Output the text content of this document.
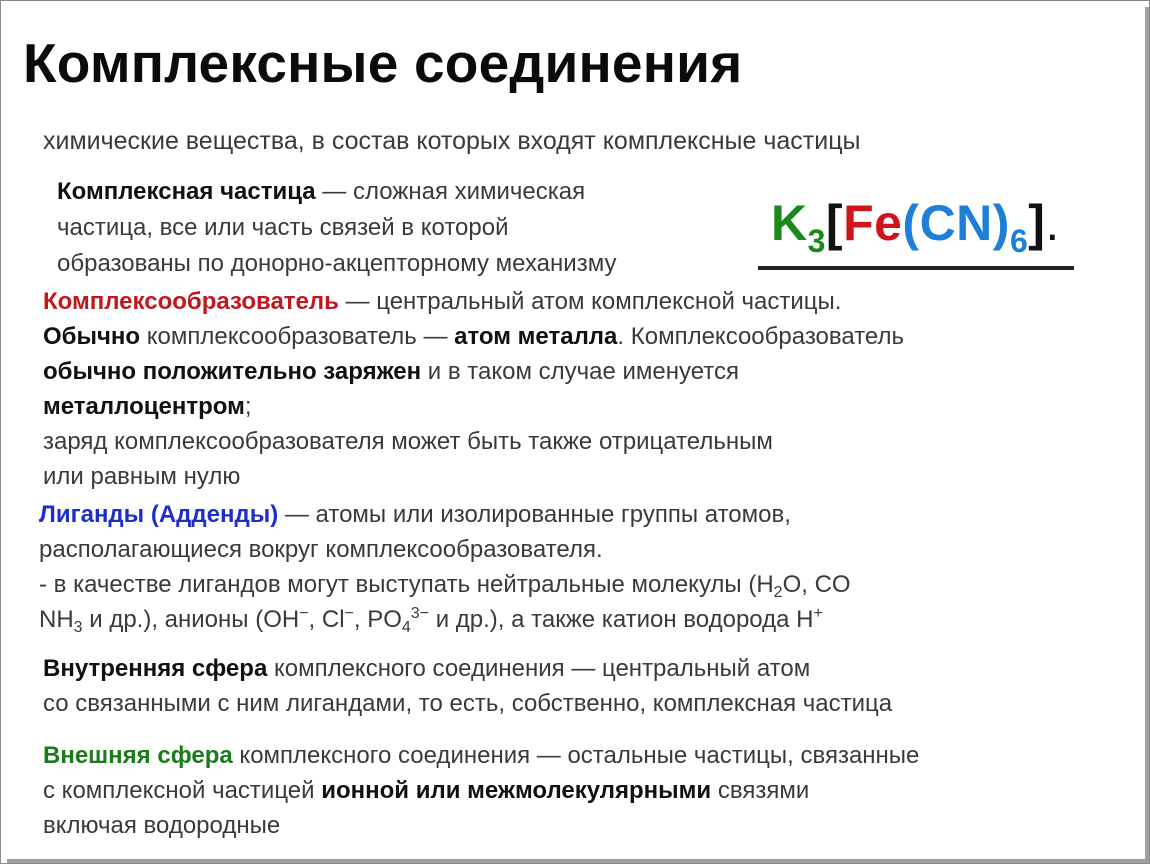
Комплексные соединения
химические вещества, в состав которых входят комплексные частицы
Комплексная частица — сложная химическая
частица, все или часть связей в которой
образованы по донорно-акцепторному механизму
$K_3[Fe(CN)_6]$.
Комплексообразователь — центральный атом комплексной частицы.
Обычно комплексообразователь — атом металла. Комплексообразователь
обычно положительно заряжен и в таком случае именуется
металлоцентром;
заряд комплексообразователя может быть также отрицательным
или равным нулю
Лиганды (Адденды) — атомы или изолированные группы атомов,
располагающиеся вокруг комплексообразователя.
- в качестве лигандов могут выступать нейтральные молекулы ($H_2O$, CO
$NH_3$ и др.), анионы (OH−, Cl−, $PO_4^{3-}$ и др.), а также катион водорода H+
Внутренняя сфера комплексного соединения — центральный атом
со связанными с ним лигандами, то есть, собственно, комплексная частица
Внешняя сфера комплексного соединения — остальные частицы, связанные
с комплексной частицей ионной или межмолекулярными связями
включая водородные
